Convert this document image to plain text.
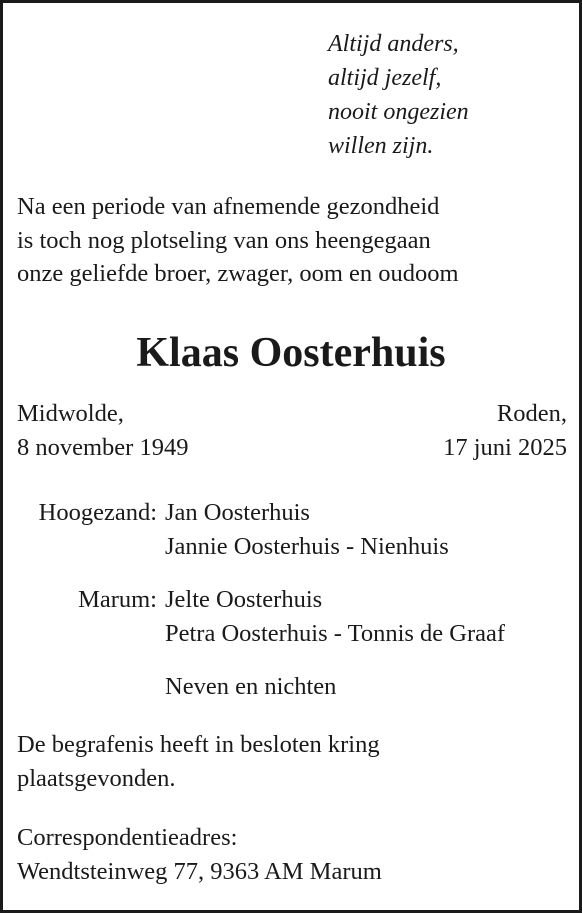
Altijd anders,
altijd jezelf,
nooit ongezien
willen zijn.
Na een periode van afnemende gezondheid
is toch nog plotseling van ons heengegaan
onze geliefde broer, zwager, oom en oudoom
Klaas Oosterhuis
Midwolde,
8 november 1949
Roden,
17 juni 2025
Hoogezand: Jan Oosterhuis
Jannie Oosterhuis - Nienhuis
Marum: Jelte Oosterhuis
Petra Oosterhuis - Tonnis de Graaf
Neven en nichten
De begrafenis heeft in besloten kring
plaatsgevonden.
Correspondentieadres:
Wendtsteinweg 77, 9363 AM Marum
